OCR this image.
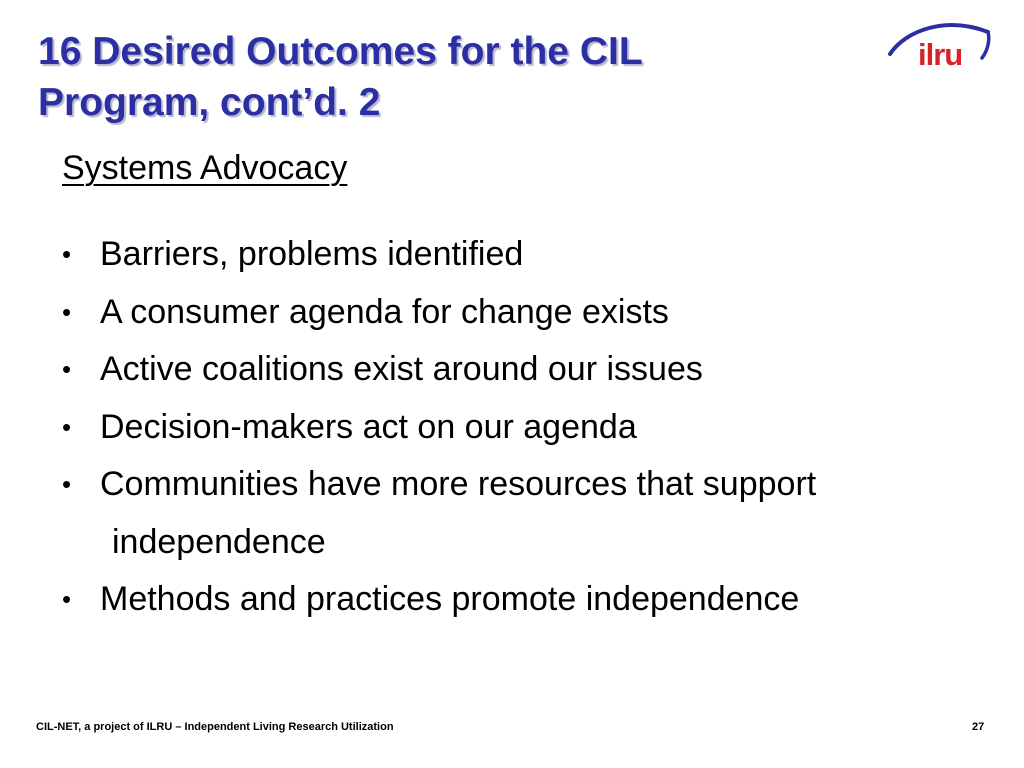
16 Desired Outcomes for the CIL
Program, cont’d. 2
ilru
Systems Advocacy
• Barriers, problems identified
• A consumer agenda for change exists
• Active coalitions exist around our issues
• Decision-makers act on our agenda
• Communities have more resources that support
independence
• Methods and practices promote independence
CIL-NET, a project of ILRU – Independent Living Research Utilization	27
